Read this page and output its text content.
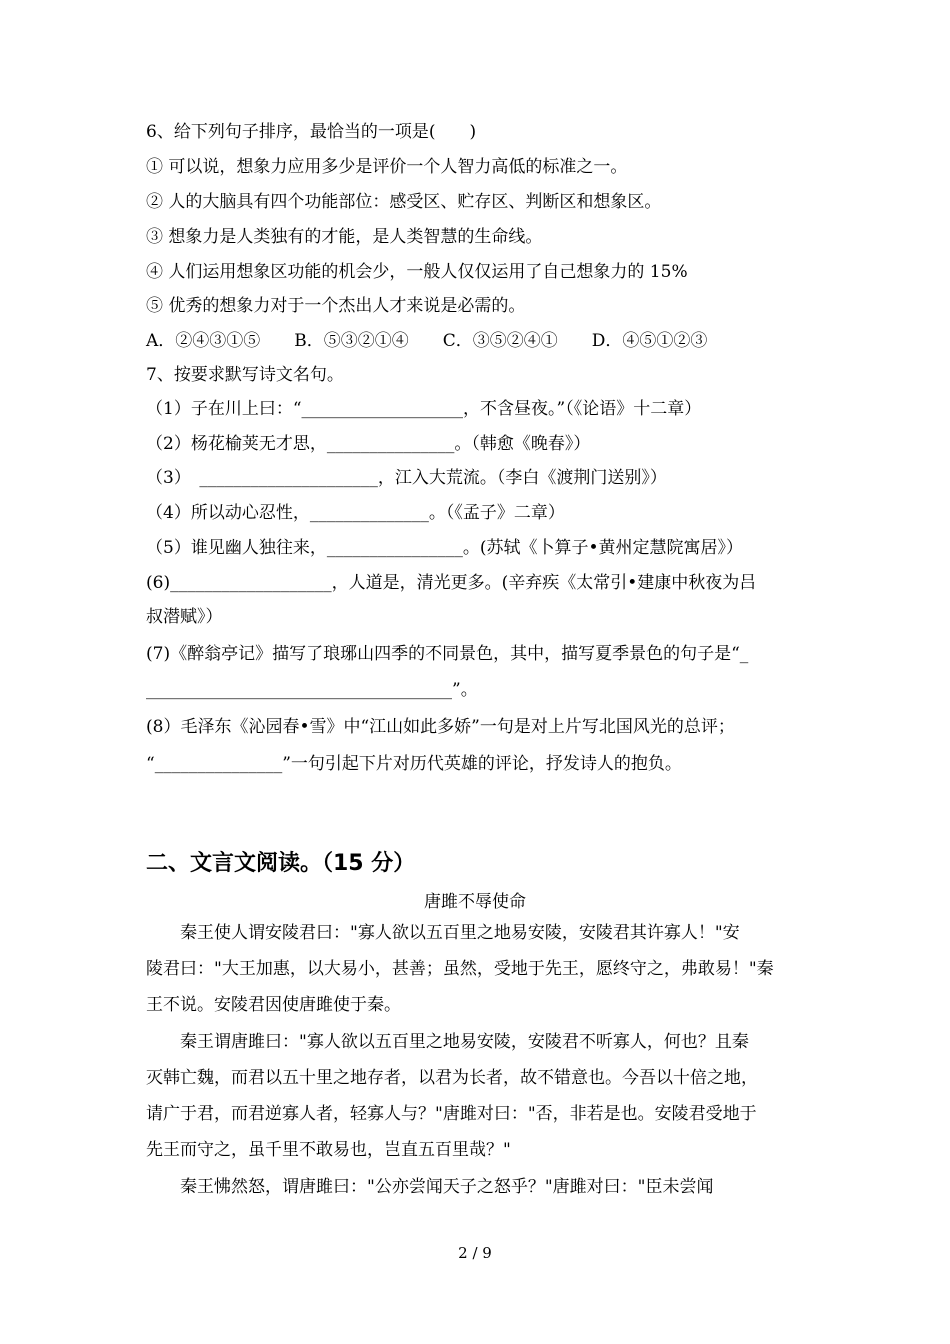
6、给下列句子排序，最恰当的一项是(　　)
① 可以说，想象力应用多少是评价一个人智力高低的标准之一。
② 人的大脑具有四个功能部位：感受区、贮存区、判断区和想象区。
③ 想象力是人类独有的才能，是人类智慧的生命线。
④ 人们运用想象区功能的机会少，一般人仅仅运用了自己想象力的 15%
⑤ 优秀的想象力对于一个杰出人才来说是必需的。
A．②④③①⑤　　B．⑤③②①④　　C．③⑤②④①　　D．④⑤①②③
7、按要求默写诗文名句。
（1）子在川上曰：“___________________，不含昼夜。”（《论语》十二章）
（2）杨花榆荚无才思，_______________。（韩愈《晚春》）
（3）　_____________________，江入大荒流。（李白《渡荆门送别》）
（4）所以动心忍性，______________。（《孟子》二章）
（5）谁见幽人独往来，________________。(苏轼《卜算子•黄州定慧院寓居》）
(6)___________________，人道是，清光更多。(辛弃疾《太常引•建康中秋夜为吕
叔潜赋》）
(7)《醉翁亭记》描写了琅琊山四季的不同景色，其中，描写夏季景色的句子是“_
____________________________________”。
(8）毛泽东《沁园春•雪》中“江山如此多娇”一句是对上片写北国风光的总评；
“_______________”一句引起下片对历代英雄的评论，抒发诗人的抱负。
二、文言文阅读。（15 分）
唐雎不辱使命
　　秦王使人谓安陵君曰："寡人欲以五百里之地易安陵，安陵君其许寡人！"安
陵君曰："大王加惠，以大易小，甚善；虽然，受地于先王，愿终守之，弗敢易！"秦
王不说。安陵君因使唐雎使于秦。
　　秦王谓唐雎曰："寡人欲以五百里之地易安陵，安陵君不听寡人，何也？且秦
灭韩亡魏，而君以五十里之地存者，以君为长者，故不错意也。今吾以十倍之地，
请广于君，而君逆寡人者，轻寡人与？"唐雎对曰："否，非若是也。安陵君受地于
先王而守之，虽千里不敢易也，岂直五百里哉？"
　　秦王怫然怒，谓唐雎曰："公亦尝闻天子之怒乎？"唐雎对曰："臣未尝闻
2 / 9
